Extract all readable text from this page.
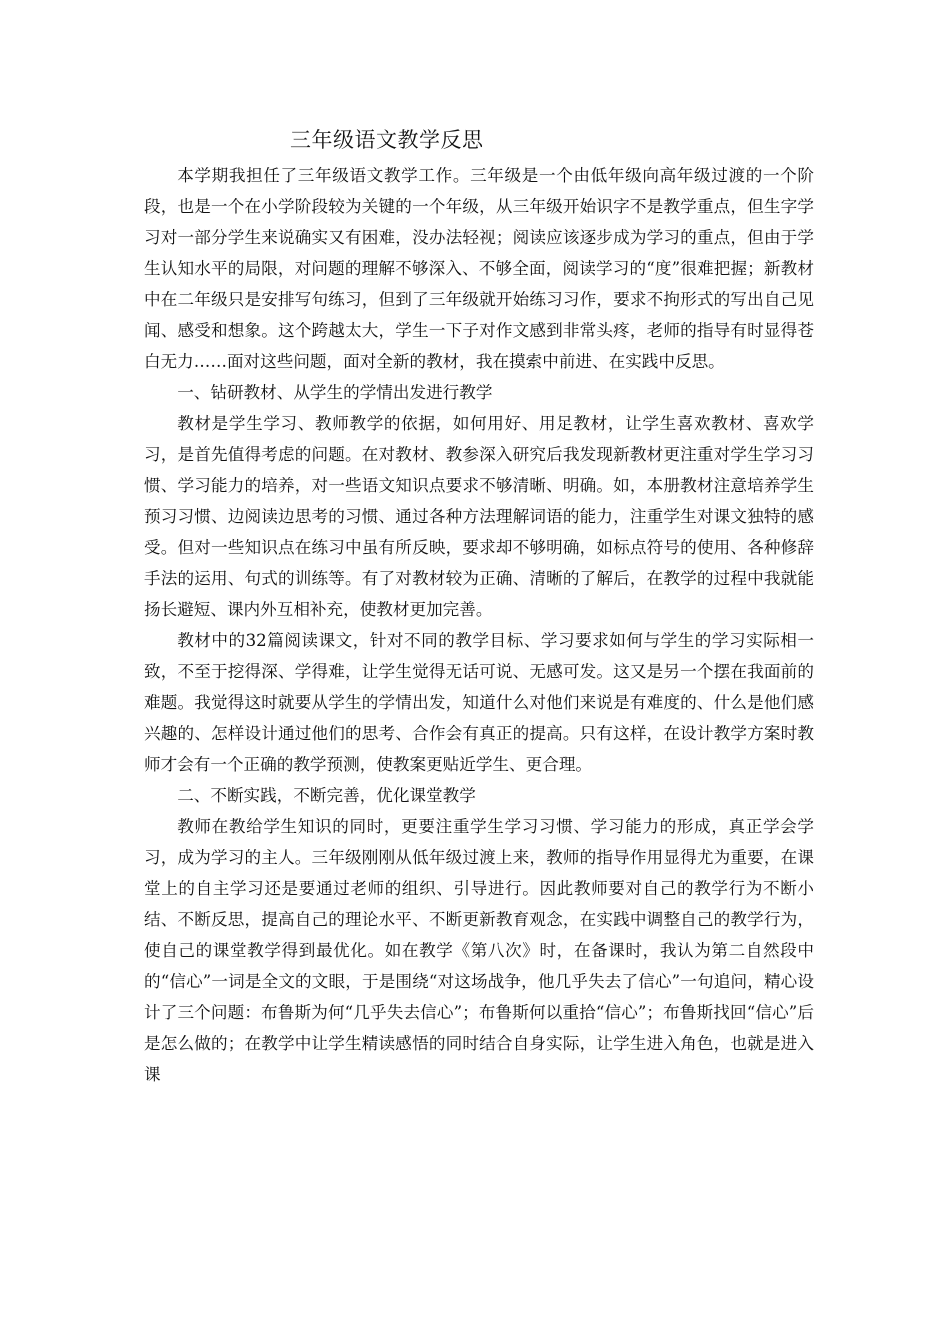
三年级语文教学反思

本学期我担任了三年级语文教学工作。三年级是一个由低年级向高年级过渡的一个阶段，也是一个在小学阶段较为关键的一个年级，从三年级开始识字不是教学重点，但生字学习对一部分学生来说确实又有困难，没办法轻视；阅读应该逐步成为学习的重点，但由于学生认知水平的局限，对问题的理解不够深入、不够全面，阅读学习的“度”很难把握；新教材中在二年级只是安排写句练习，但到了三年级就开始练习习作，要求不拘形式的写出自己见闻、感受和想象。这个跨越太大，学生一下子对作文感到非常头疼，老师的指导有时显得苍白无力……面对这些问题，面对全新的教材，我在摸索中前进、在实践中反思。

一、钻研教材、从学生的学情出发进行教学

教材是学生学习、教师教学的依据，如何用好、用足教材，让学生喜欢教材、喜欢学习，是首先值得考虑的问题。在对教材、教参深入研究后我发现新教材更注重对学生学习习惯、学习能力的培养，对一些语文知识点要求不够清晰、明确。如，本册教材注意培养学生预习习惯、边阅读边思考的习惯、通过各种方法理解词语的能力，注重学生对课文独特的感受。但对一些知识点在练习中虽有所反映，要求却不够明确，如标点符号的使用、各种修辞手法的运用、句式的训练等。有了对教材较为正确、清晰的了解后，在教学的过程中我就能扬长避短、课内外互相补充，使教材更加完善。

教材中的32篇阅读课文，针对不同的教学目标、学习要求如何与学生的学习实际相一致，不至于挖得深、学得难，让学生觉得无话可说、无感可发。这又是另一个摆在我面前的难题。我觉得这时就要从学生的学情出发，知道什么对他们来说是有难度的、什么是他们感兴趣的、怎样设计通过他们的思考、合作会有真正的提高。只有这样，在设计教学方案时教师才会有一个正确的教学预测，使教案更贴近学生、更合理。

二、不断实践，不断完善，优化课堂教学

教师在教给学生知识的同时，更要注重学生学习习惯、学习能力的形成，真正学会学习，成为学习的主人。三年级刚刚从低年级过渡上来，教师的指导作用显得尤为重要，在课堂上的自主学习还是要通过老师的组织、引导进行。因此教师要对自己的教学行为不断小结、不断反思，提高自己的理论水平、不断更新教育观念，在实践中调整自己的教学行为，使自己的课堂教学得到最优化。如在教学《第八次》时，在备课时，我认为第二自然段中的“信心”一词是全文的文眼，于是围绕“对这场战争，他几乎失去了信心”一句追问，精心设计了三个问题：布鲁斯为何“几乎失去信心”；布鲁斯何以重拾“信心”；布鲁斯找回“信心”后是怎么做的；在教学中让学生精读感悟的同时结合自身实际，让学生进入角色，也就是进入课
